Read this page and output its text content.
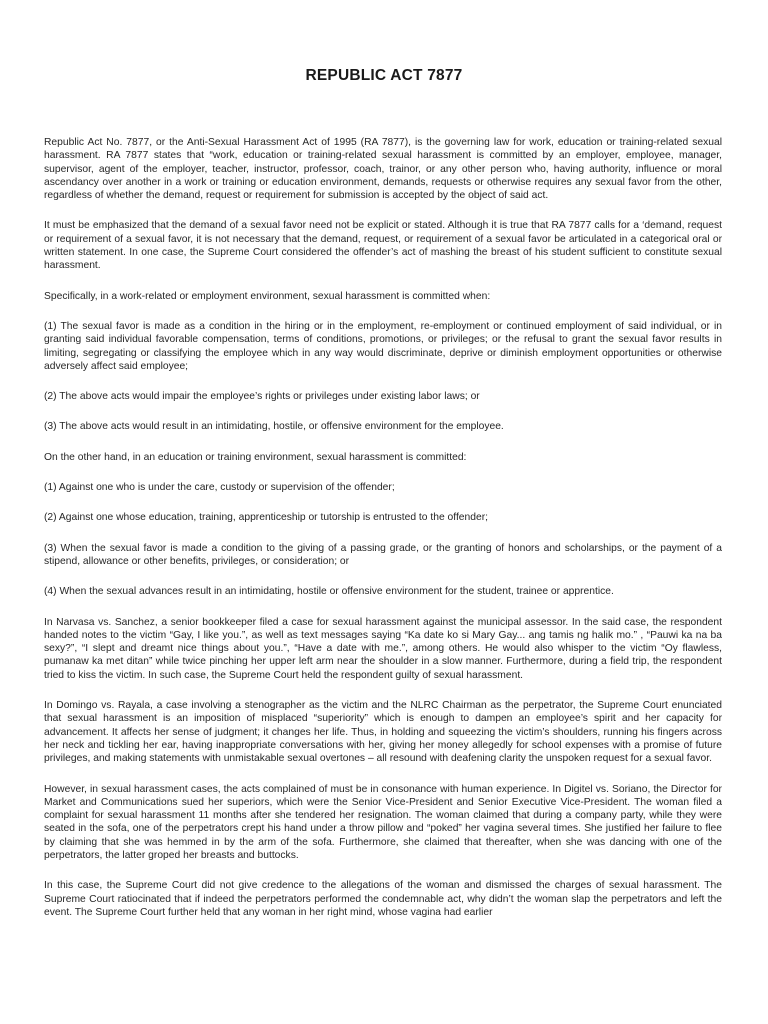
REPUBLIC ACT 7877

Republic Act No. 7877, or the Anti-Sexual Harassment Act of 1995 (RA 7877), is the governing law for work, education or training-related sexual harassment. RA 7877 states that “work, education or training-related sexual harassment is committed by an employer, employee, manager, supervisor, agent of the employer, teacher, instructor, professor, coach, trainor, or any other person who, having authority, influence or moral ascendancy over another in a work or training or education environment, demands, requests or otherwise requires any sexual favor from the other, regardless of whether the demand, request or requirement for submission is accepted by the object of said act.

It must be emphasized that the demand of a sexual favor need not be explicit or stated. Although it is true that RA 7877 calls for a ‘demand, request or requirement of a sexual favor, it is not necessary that the demand, request, or requirement of a sexual favor be articulated in a categorical oral or written statement. In one case, the Supreme Court considered the offender’s act of mashing the breast of his student sufficient to constitute sexual harassment.

Specifically, in a work-related or employment environment, sexual harassment is committed when:

(1) The sexual favor is made as a condition in the hiring or in the employment, re-employment or continued employment of said individual, or in granting said individual favorable compensation, terms of conditions, promotions, or privileges; or the refusal to grant the sexual favor results in limiting, segregating or classifying the employee which in any way would discriminate, deprive or diminish employment opportunities or otherwise adversely affect said employee;

(2) The above acts would impair the employee’s rights or privileges under existing labor laws; or

(3) The above acts would result in an intimidating, hostile, or offensive environment for the employee.

On the other hand, in an education or training environment, sexual harassment is committed:

(1) Against one who is under the care, custody or supervision of the offender;

(2) Against one whose education, training, apprenticeship or tutorship is entrusted to the offender;

(3) When the sexual favor is made a condition to the giving of a passing grade, or the granting of honors and scholarships, or the payment of a stipend, allowance or other benefits, privileges, or consideration; or

(4) When the sexual advances result in an intimidating, hostile or offensive environment for the student, trainee or apprentice.

In Narvasa vs. Sanchez, a senior bookkeeper filed a case for sexual harassment against the municipal assessor. In the said case, the respondent handed notes to the victim “Gay, I like you.”, as well as text messages saying “Ka date ko si Mary Gay... ang tamis ng halik mo.” , “Pauwi ka na ba sexy?”, “I slept and dreamt nice things about you.”, “Have a date with me.”, among others. He would also whisper to the victim “Oy flawless, pumanaw ka met ditan” while twice pinching her upper left arm near the shoulder in a slow manner. Furthermore, during a field trip, the respondent tried to kiss the victim. In such case, the Supreme Court held the respondent guilty of sexual harassment.

In Domingo vs. Rayala, a case involving a stenographer as the victim and the NLRC Chairman as the perpetrator, the Supreme Court enunciated that sexual harassment is an imposition of misplaced “superiority” which is enough to dampen an employee’s spirit and her capacity for advancement. It affects her sense of judgment; it changes her life. Thus, in holding and squeezing the victim’s shoulders, running his fingers across her neck and tickling her ear, having inappropriate conversations with her, giving her money allegedly for school expenses with a promise of future privileges, and making statements with unmistakable sexual overtones – all resound with deafening clarity the unspoken request for a sexual favor.

However, in sexual harassment cases, the acts complained of must be in consonance with human experience. In Digitel vs. Soriano, the Director for Market and Communications sued her superiors, which were the Senior Vice-President and Senior Executive Vice-President. The woman filed a complaint for sexual harassment 11 months after she tendered her resignation. The woman claimed that during a company party, while they were seated in the sofa, one of the perpetrators crept his hand under a throw pillow and “poked” her vagina several times. She justified her failure to flee by claiming that she was hemmed in by the arm of the sofa. Furthermore, she claimed that thereafter, when she was dancing with one of the perpetrators, the latter groped her breasts and buttocks.

In this case, the Supreme Court did not give credence to the allegations of the woman and dismissed the charges of sexual harassment. The Supreme Court ratiocinated that if indeed the perpetrators performed the condemnable act, why didn’t the woman slap the perpetrators and left the event. The Supreme Court further held that any woman in her right mind, whose vagina had earlier
